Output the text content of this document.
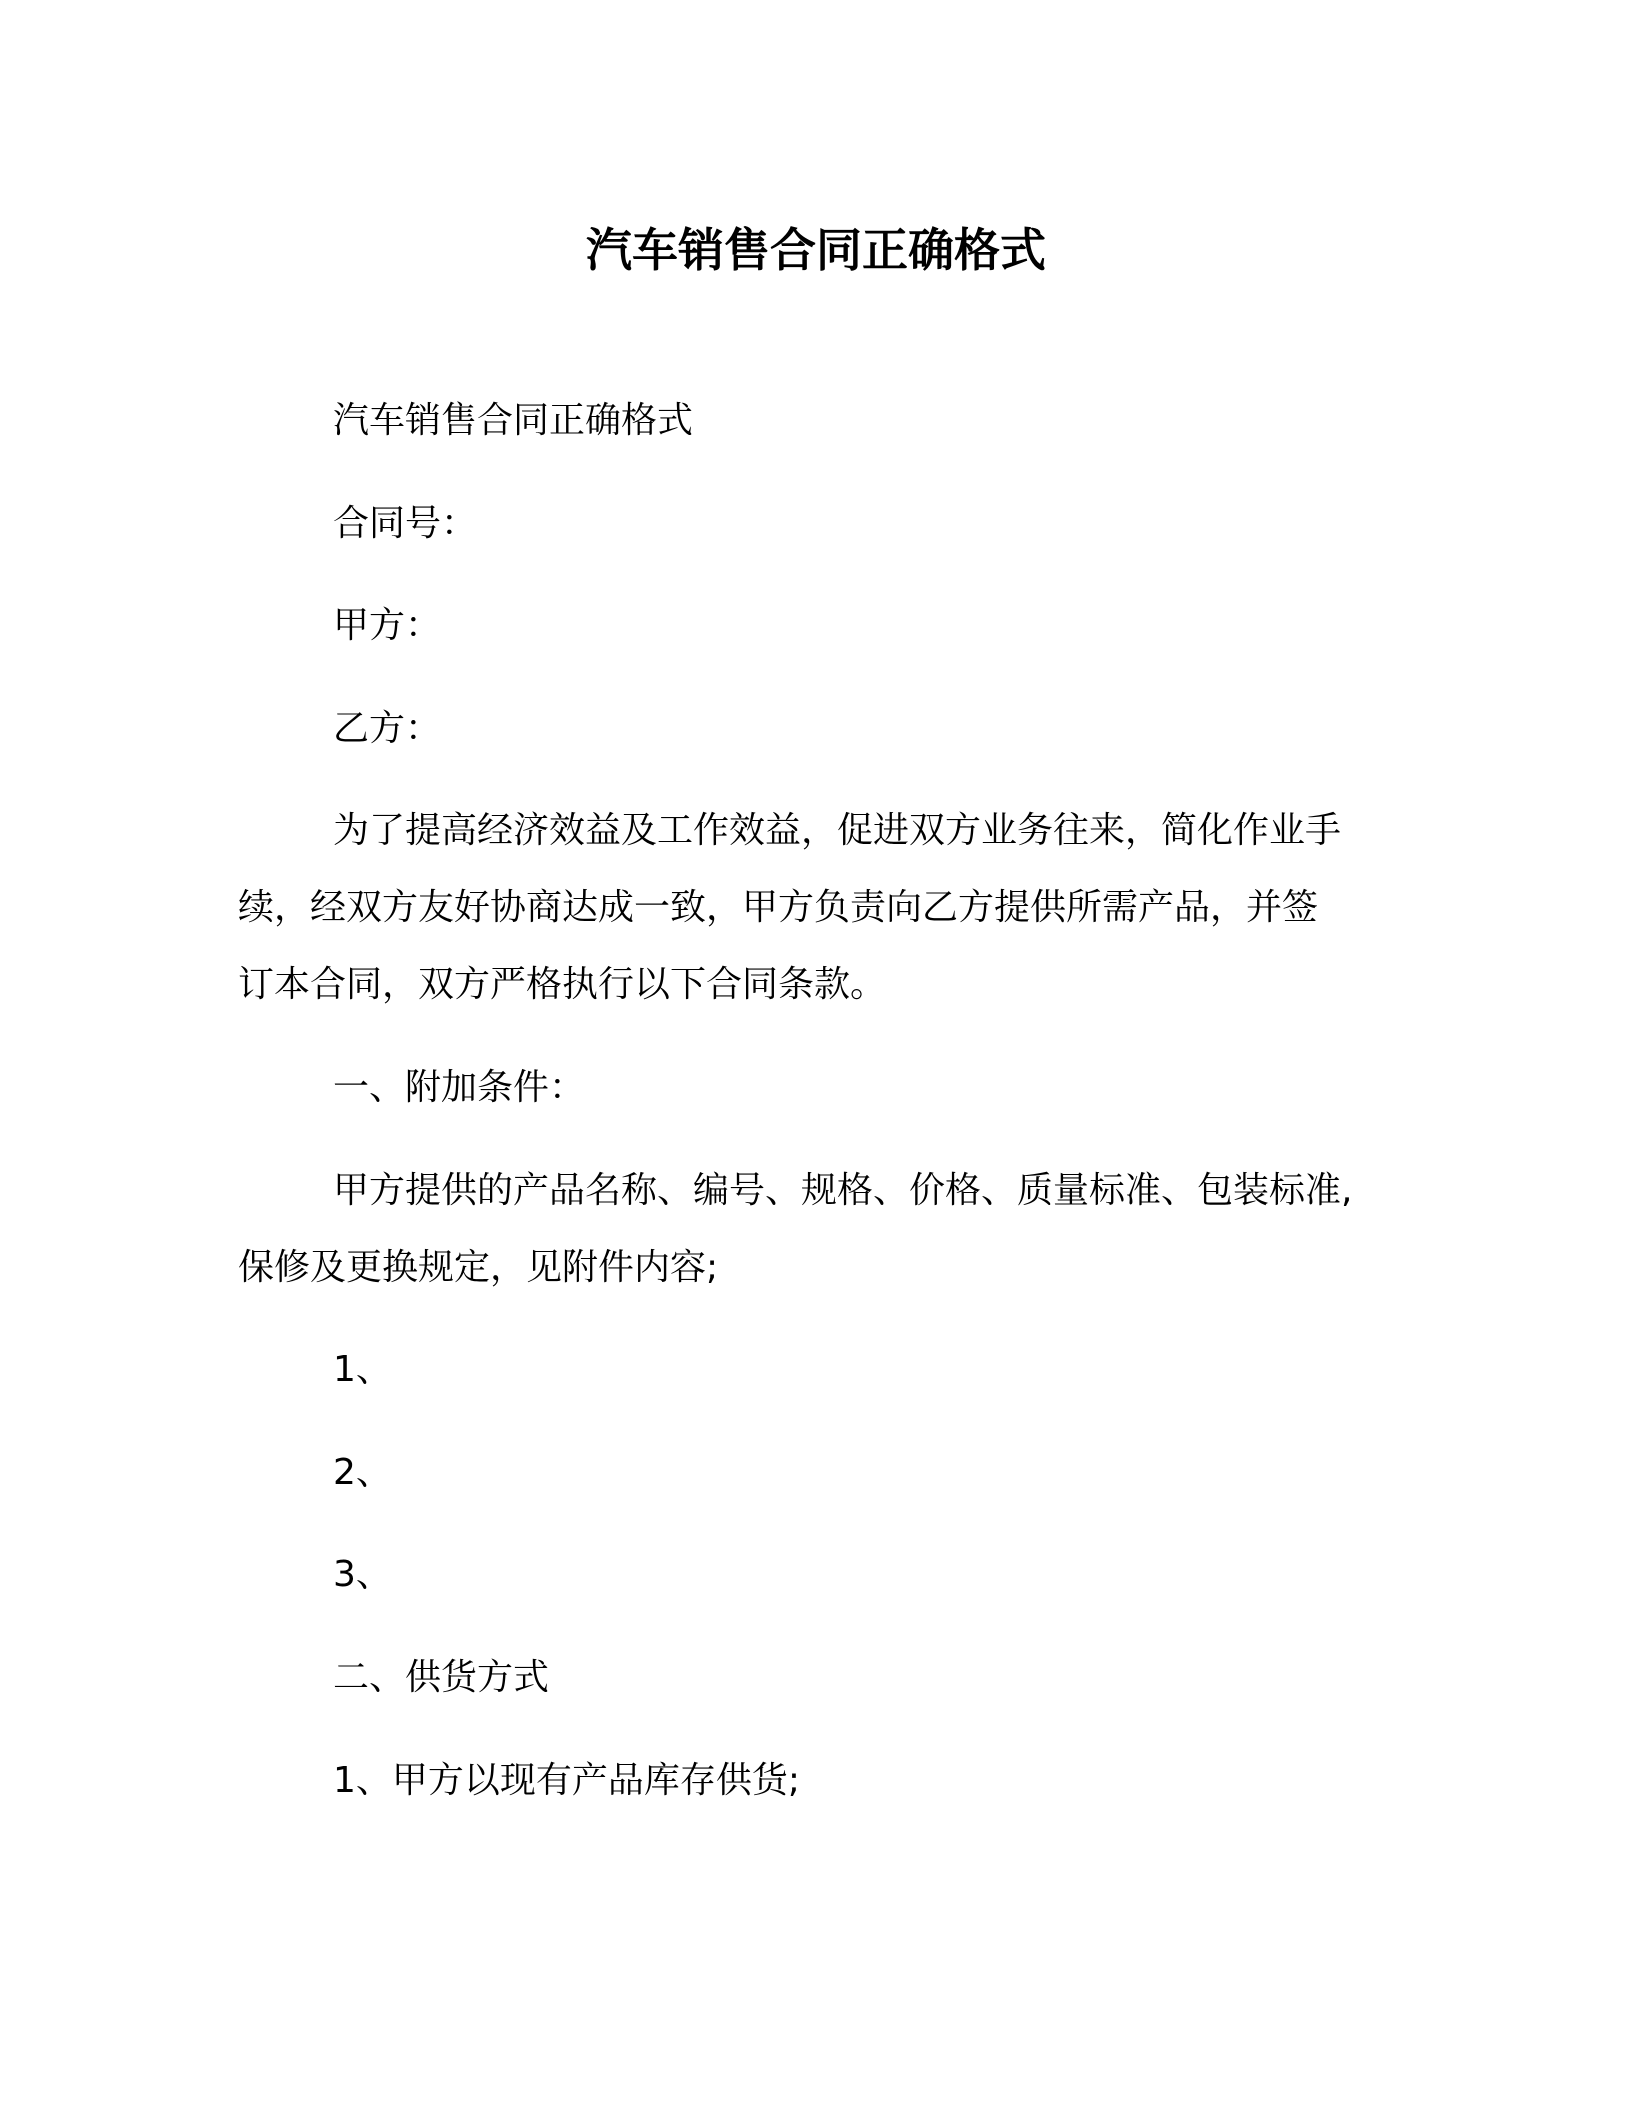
汽车销售合同正确格式
汽车销售合同正确格式
合同号：
甲方：
乙方：
为了提高经济效益及工作效益，促进双方业务往来，简化作业手
续，经双方友好协商达成一致，甲方负责向乙方提供所需产品，并签
订本合同，双方严格执行以下合同条款。
一、附加条件：
甲方提供的产品名称、编号、规格、价格、质量标准、包装标准,
保修及更换规定，见附件内容;
1、
2、
3、
二、供货方式
1、甲方以现有产品库存供货;
